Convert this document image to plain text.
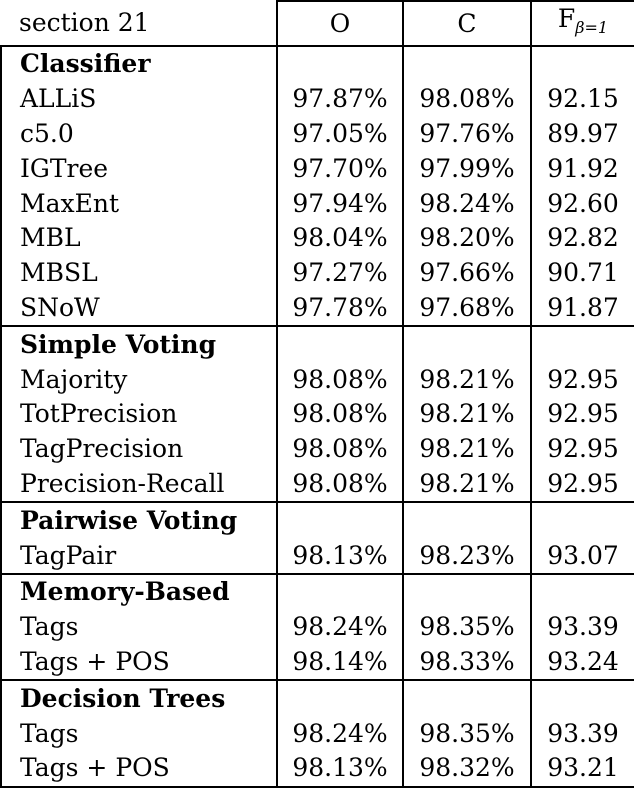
section 21	O	C	$F_{\beta=1}$
Classifier			
ALLiS	97.87%	98.08%	92.15
c5.0	97.05%	97.76%	89.97
IGTree	97.70%	97.99%	91.92
MaxEnt	97.94%	98.24%	92.60
MBL	98.04%	98.20%	92.82
MBSL	97.27%	97.66%	90.71
SNoW	97.78%	97.68%	91.87
Simple Voting			
Majority	98.08%	98.21%	92.95
TotPrecision	98.08%	98.21%	92.95
TagPrecision	98.08%	98.21%	92.95
Precision-Recall	98.08%	98.21%	92.95
Pairwise Voting			
TagPair	98.13%	98.23%	93.07
Memory-Based			
Tags	98.24%	98.35%	93.39
Tags + POS	98.14%	98.33%	93.24
Decision Trees			
Tags	98.24%	98.35%	93.39
Tags + POS	98.13%	98.32%	93.21
